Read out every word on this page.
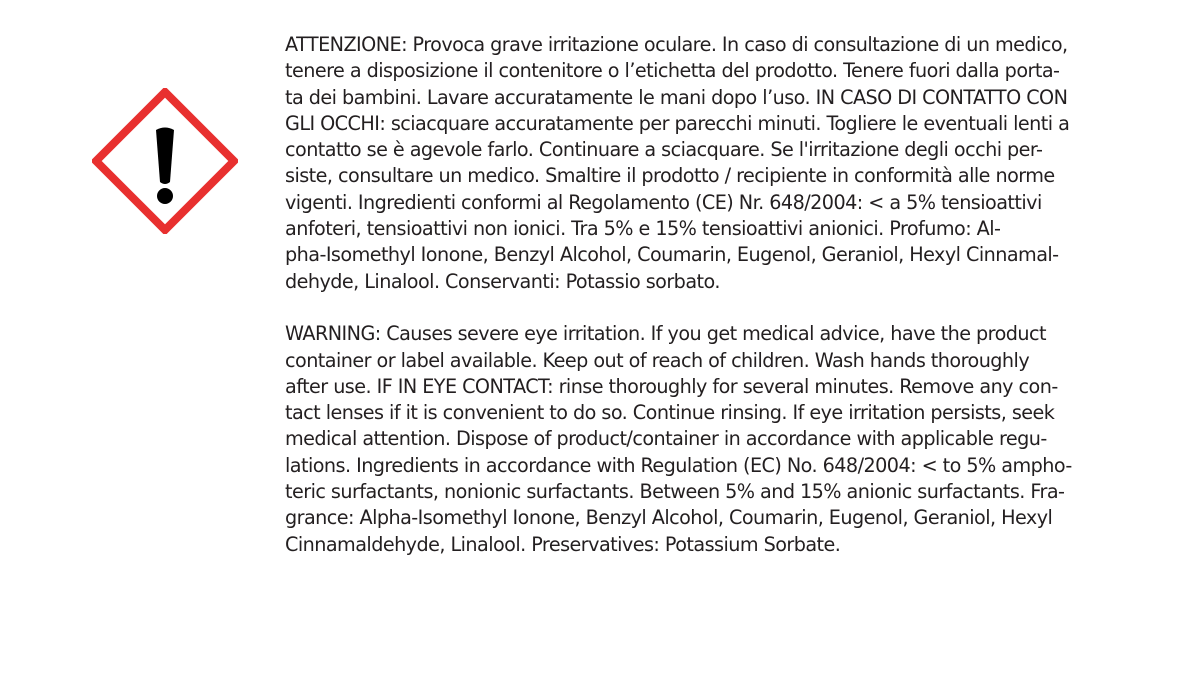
ATTENZIONE: Provoca grave irritazione oculare. In caso di consultazione di un medico,
tenere a disposizione il contenitore o l’etichetta del prodotto. Tenere fuori dalla porta-
ta dei bambini. Lavare accuratamente le mani dopo l’uso. IN CASO DI CONTATTO CON
GLI OCCHI: sciacquare accuratamente per parecchi minuti. Togliere le eventuali lenti a
contatto se è agevole farlo. Continuare a sciacquare. Se l'irritazione degli occhi per-
siste, consultare un medico. Smaltire il prodotto / recipiente in conformità alle norme
vigenti. Ingredienti conformi al Regolamento (CE) Nr. 648/2004: < a 5% tensioattivi
anfoteri, tensioattivi non ionici. Tra 5% e 15% tensioattivi anionici. Profumo: Al-
pha-Isomethyl Ionone, Benzyl Alcohol, Coumarin, Eugenol, Geraniol, Hexyl Cinnamal-
dehyde, Linalool. Conservanti: Potassio sorbato.

WARNING: Causes severe eye irritation. If you get medical advice, have the product
container or label available. Keep out of reach of children. Wash hands thoroughly
after use. IF IN EYE CONTACT: rinse thoroughly for several minutes. Remove any con-
tact lenses if it is convenient to do so. Continue rinsing. If eye irritation persists, seek
medical attention. Dispose of product/container in accordance with applicable regu-
lations. Ingredients in accordance with Regulation (EC) No. 648/2004: < to 5% ampho-
teric surfactants, nonionic surfactants. Between 5% and 15% anionic surfactants. Fra-
grance: Alpha-Isomethyl Ionone, Benzyl Alcohol, Coumarin, Eugenol, Geraniol, Hexyl
Cinnamaldehyde, Linalool. Preservatives: Potassium Sorbate.
